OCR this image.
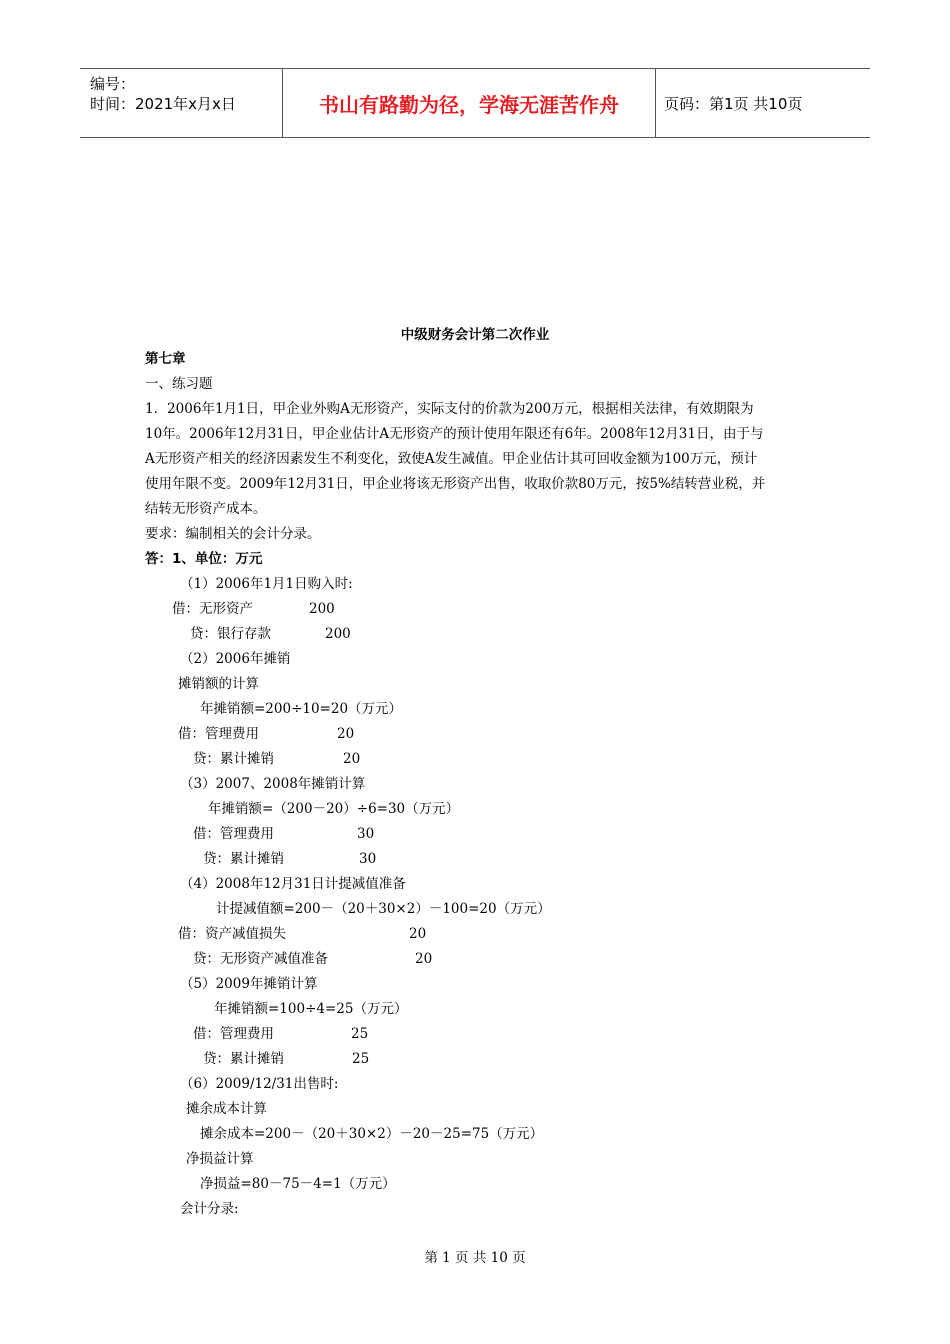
编号：
时间：2021年x月x日	书山有路勤为径，学海无涯苦作舟	页码：第1页 共10页
中级财务会计第二次作业
第七章
一、练习题
1．2006年1月1日，甲企业外购A无形资产，实际支付的价款为200万元，根据相关法律，有效期限为
10年。2006年12月31日，甲企业估计A无形资产的预计使用年限还有6年。2008年12月31日，由于与
A无形资产相关的经济因素发生不利变化，致使A发生减值。甲企业估计其可回收金额为100万元，预计
使用年限不变。2009年12月31日，甲企业将该无形资产出售，收取价款80万元，按5%结转营业税，并
结转无形资产成本。
要求：编制相关的会计分录。
答：1、单位：万元
（1）2006年1月1日购入时:
借：无形资产	200
贷：银行存款	200
（2）2006年摊销
摊销额的计算
年摊销额=200÷10=20（万元）
借：管理费用	20
贷：累计摊销	20
（3）2007、2008年摊销计算
年摊销额=（200－20）÷6=30（万元）
借：管理费用	30
贷：累计摊销	30
（4）2008年12月31日计提减值准备
计提减值额=200－（20＋30×2）－100=20（万元）
借：资产减值损失	20
贷：无形资产减值准备	20
（5）2009年摊销计算
年摊销额=100÷4=25（万元）
借：管理费用	25
贷：累计摊销	25
（6）2009/12/31出售时:
摊余成本计算
摊余成本=200－（20＋30×2）－20－25=75（万元）
净损益计算
净损益=80－75－4=1（万元）
会计分录:
第 1 页 共 10 页
